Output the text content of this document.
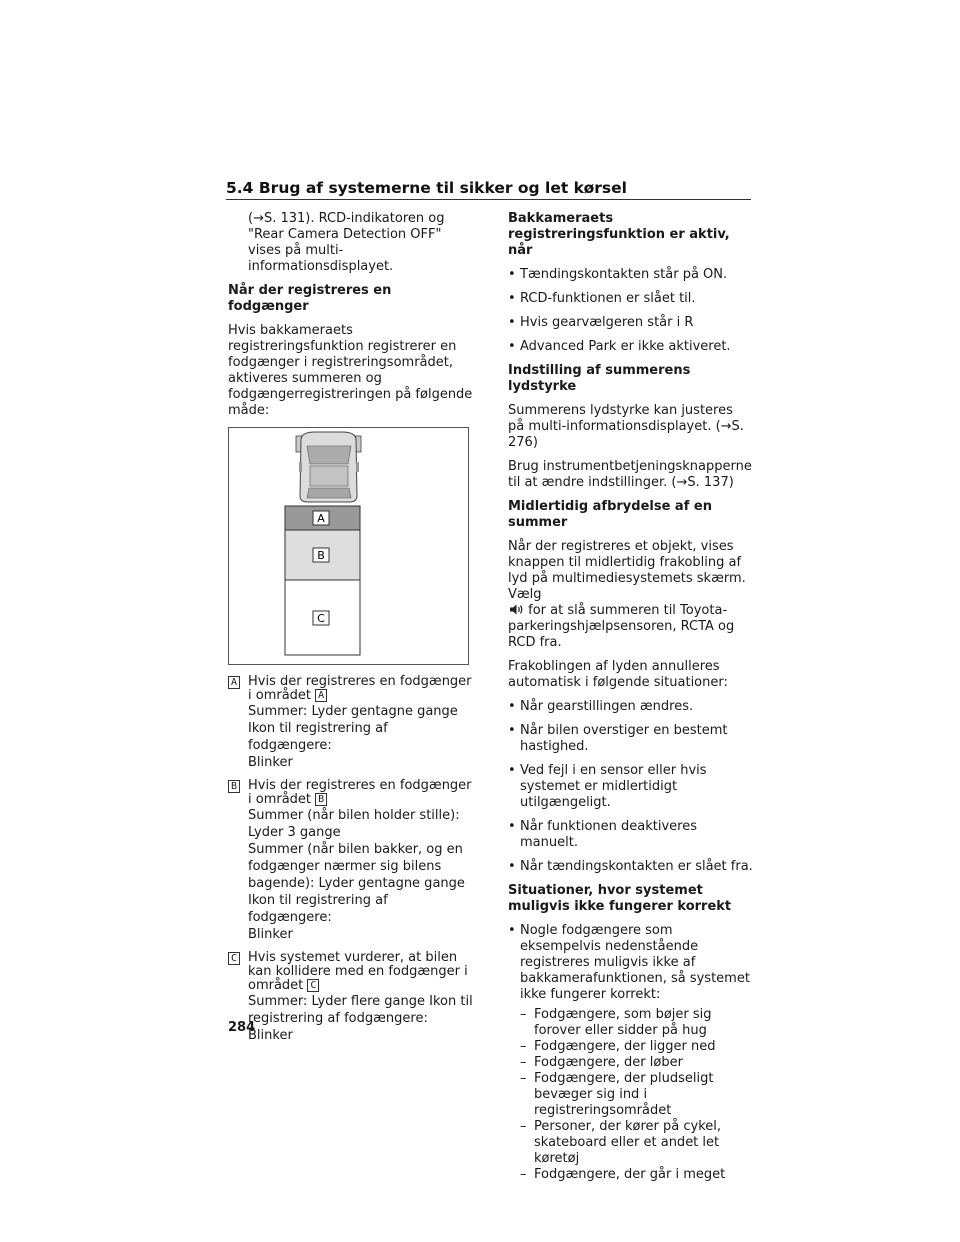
5.4 Brug af systemerne til sikker og let kørsel

(→S. 131). RCD-indikatoren og "Rear Camera Detection OFF" vises på multi-informationsdisplayet.

Når der registreres en fodgænger

Hvis bakkameraets registreringsfunktion registrerer en fodgænger i registreringsområdet, aktiveres summeren og fodgængerregistreringen på følgende måde:

A
B
C
A Hvis der registreres en fodgænger i området A
Summer: Lyder gentagne gange
Ikon til registrering af fodgængere:
Blinker
B Hvis der registreres en fodgænger i området B
Summer (når bilen holder stille):
Lyder 3 gange
Summer (når bilen bakker, og en
fodgænger nærmer sig bilens
bagende): Lyder gentagne gange
Ikon til registrering af fodgængere:
Blinker
C Hvis systemet vurderer, at bilen kan kollidere med en fodgænger i området C
Summer: Lyder flere gange Ikon til
registrering af fodgængere: Blinker
Bakkameraets registreringsfunktion er aktiv, når
• Tændingskontakten står på ON.
• RCD-funktionen er slået til.
• Hvis gearvælgeren står i R
• Advanced Park er ikke aktiveret.
Indstilling af summerens lydstyrke

Summerens lydstyrke kan justeres på multi-informationsdisplayet. (→S. 276)

Brug instrumentbetjeningsknapperne til at ændre indstillinger. (→S. 137)

Midlertidig afbrydelse af en summer

Når der registreres et objekt, vises knappen til midlertidig frakobling af lyd på multimediesystemets skærm. Vælg
for at slå summeren til Toyota-parkeringshjælpsensoren, RCTA og RCD fra.

Frakoblingen af lyden annulleres automatisk i følgende situationer:

• Når gearstillingen ændres.
• Når bilen overstiger en bestemt hastighed.
• Ved fejl i en sensor eller hvis systemet er midlertidigt utilgængeligt.
• Når funktionen deaktiveres manuelt.
• Når tændingskontakten er slået fra.
Situationer, hvor systemet muligvis ikke fungerer korrekt
• Nogle fodgængere som eksempelvis nedenstående registreres muligvis ikke af bakkamerafunktionen, så systemet ikke fungerer korrekt:
– Fodgængere, som bøjer sig forover eller sidder på hug
– Fodgængere, der ligger ned
– Fodgængere, der løber
– Fodgængere, der pludseligt bevæger sig ind i registreringsområdet
– Personer, der kører på cykel, skateboard eller et andet let køretøj
– Fodgængere, der går i meget
284
